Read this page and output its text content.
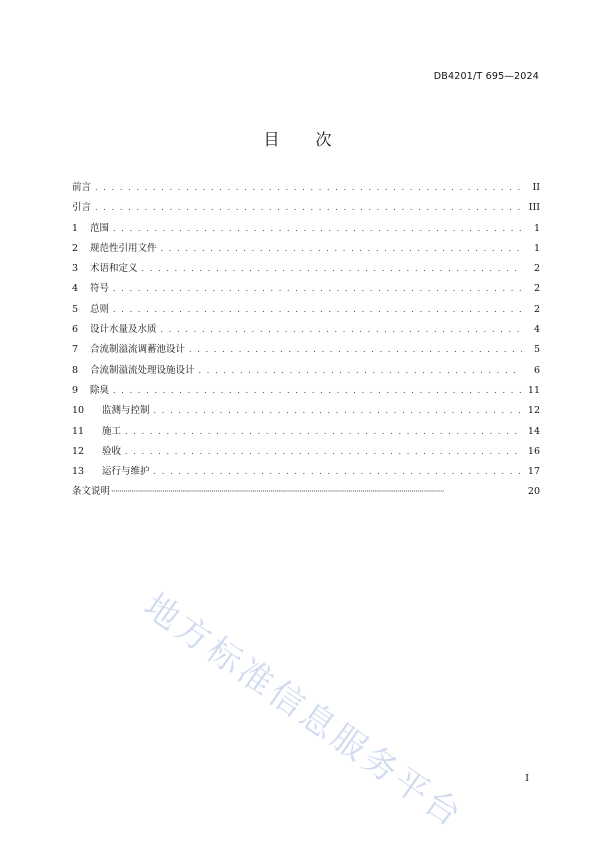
DB4201/T 695—2024
目 次
前言 . . .	II
引言 . . .	III
1	范围 . . .	1
2	规范性引用文件 . . .	1
3	术语和定义 . . .	2
4	符号 . . .	2
5	总则 . . .	2
6	设计水量及水质 . . .	4
7	合流制溢流调蓄池设计 . . .	5
8	合流制溢流处理设施设计 . . .	6
9	除臭 . . .	11
10	监测与控制 . . .	12
11	施工 . . .	14
12	验收 . . .	16
13	运行与维护 . . .	17
条文说明 ·····	20
地方标准信息服务平台	I
